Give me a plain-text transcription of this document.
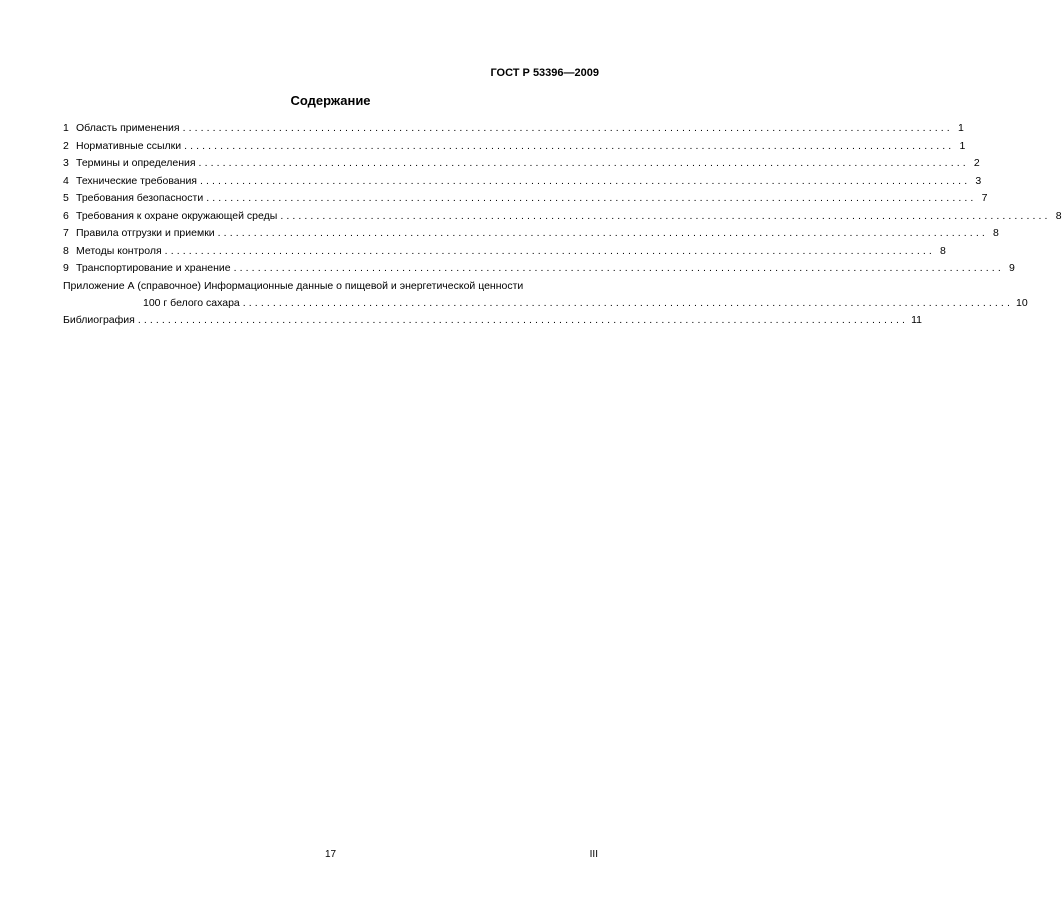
ГОСТ Р 53396—2009
Содержание
1 Область применения ................................................................................................................................ 1
2 Нормативные ссылки ................................................................................................................................ 1
3 Термины и определения ................................................................................................................................ 2
4 Технические требования ................................................................................................................................ 3
5 Требования безопасности ................................................................................................................................ 7
6 Требования к охране окружающей среды ................................................................................................................................ 8
7 Правила отгрузки и приемки ................................................................................................................................ 8
8 Методы контроля ................................................................................................................................ 8
9 Транспортирование и хранение ................................................................................................................................ 9
Приложение А (справочное) Информационные данные о пищевой и энергетической ценности
100 г белого сахара ................................................................................................................................ 10
Библиография ................................................................................................................................ 11
17	III
